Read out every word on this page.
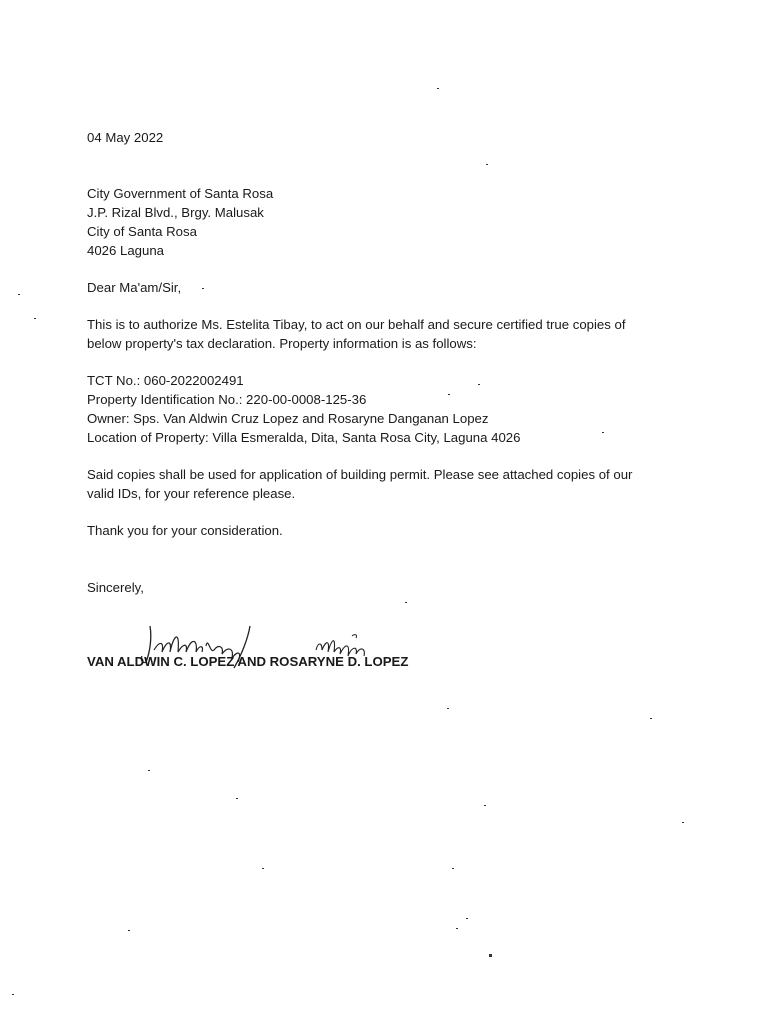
04 May 2022
City Government of Santa Rosa
J.P. Rizal Blvd., Brgy. Malusak
City of Santa Rosa
4026 Laguna
Dear Ma'am/Sir,
This is to authorize Ms. Estelita Tibay, to act on our behalf and secure certified true copies of
below property's tax declaration. Property information is as follows:
TCT No.: 060-2022002491
Property Identification No.: 220-00-0008-125-36
Owner: Sps. Van Aldwin Cruz Lopez and Rosaryne Danganan Lopez
Location of Property: Villa Esmeralda, Dita, Santa Rosa City, Laguna 4026
Said copies shall be used for application of building permit. Please see attached copies of our
valid IDs, for your reference please.
Thank you for your consideration.
Sincerely,
VAN ALDWIN C. LOPEZ AND ROSARYNE D. LOPEZ
